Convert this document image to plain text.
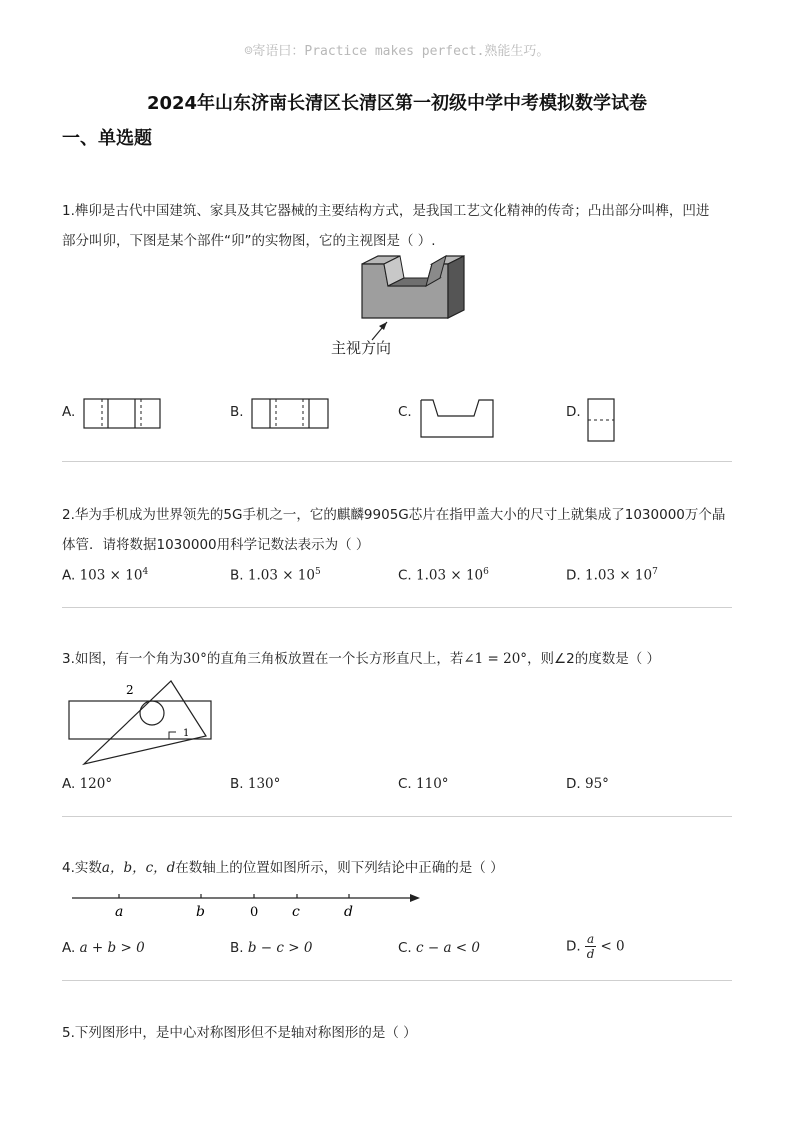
☺寄语曰：Practice makes perfect.熟能生巧。
2024年山东济南长清区长清区第一初级中学中考模拟数学试卷
一、单选题
1.榫卯是古代中国建筑、家具及其它器械的主要结构方式，是我国工艺文化精神的传奇；凸出部分叫榫，凹进
部分叫卯，下图是某个部件“卯”的实物图，它的主视图是（ ）.
主视方向
A.	B.	C.	D.
2.华为手机成为世界领先的5G手机之一，它的麒麟9905G芯片在指甲盖大小的尺寸上就集成了1030000万个晶
体管．请将数据1030000用科学记数法表示为（ ）
A. $103 \times 10^4$	B. $1.03 \times 10^5$	C. $1.03 \times 10^6$	D. $1.03 \times 10^7$
3.如图，有一个角为30°的直角三角板放置在一个长方形直尺上，若∠1 = 20°，则∠2的度数是（ ）
2
1
A. 120°	B. 130°	C. 110°	D. 95°
4.实数a，b，c，d在数轴上的位置如图所示，则下列结论中正确的是（ ）
a	b	0 c	d
A. a + b > 0	B. b − c > 0	C. c − a < 0	D. $\frac{a}{d} < 0$
5.下列图形中，是中心对称图形但不是轴对称图形的是（ ）
